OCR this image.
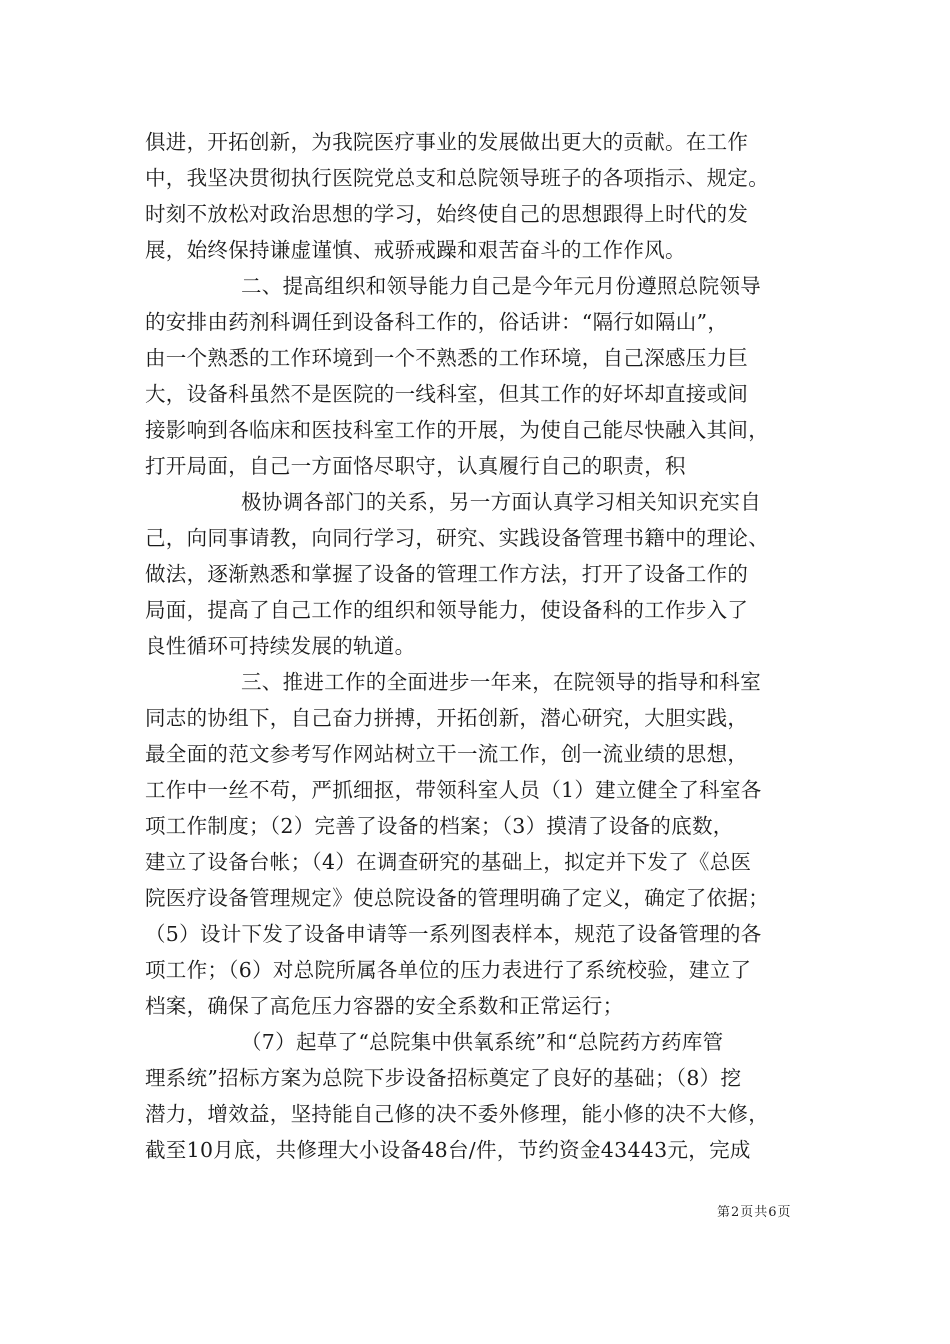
俱进，开拓创新，为我院医疗事业的发展做出更大的贡献。在工作
中，我坚决贯彻执行医院党总支和总院领导班子的各项指示、规定。
时刻不放松对政治思想的学习，始终使自己的思想跟得上时代的发
展，始终保持谦虚谨慎、戒骄戒躁和艰苦奋斗的工作作风。
二、提高组织和领导能力自己是今年元月份遵照总院领导
的安排由药剂科调任到设备科工作的，俗话讲：“隔行如隔山”，
由一个熟悉的工作环境到一个不熟悉的工作环境，自己深感压力巨
大，设备科虽然不是医院的一线科室，但其工作的好坏却直接或间
接影响到各临床和医技科室工作的开展，为使自己能尽快融入其间，
打开局面，自己一方面恪尽职守，认真履行自己的职责，积
极协调各部门的关系，另一方面认真学习相关知识充实自
己，向同事请教，向同行学习，研究、实践设备管理书籍中的理论、
做法，逐渐熟悉和掌握了设备的管理工作方法，打开了设备工作的
局面，提高了自己工作的组织和领导能力，使设备科的工作步入了
良性循环可持续发展的轨道。
三、推进工作的全面进步一年来，在院领导的指导和科室
同志的协组下，自己奋力拼搏，开拓创新，潜心研究，大胆实践，
最全面的范文参考写作网站树立干一流工作，创一流业绩的思想，
工作中一丝不苟，严抓细抠，带领科室人员（1）建立健全了科室各
项工作制度；（2）完善了设备的档案；（3）摸清了设备的底数，
建立了设备台帐；（4）在调查研究的基础上，拟定并下发了《总医
院医疗设备管理规定》使总院设备的管理明确了定义，确定了依据；
（5）设计下发了设备申请等一系列图表样本，规范了设备管理的各
项工作；（6）对总院所属各单位的压力表进行了系统校验，建立了
档案，确保了高危压力容器的安全系数和正常运行；
（7）起草了“总院集中供氧系统”和“总院药方药库管
理系统”招标方案为总院下步设备招标奠定了良好的基础；（8）挖
潜力，增效益，坚持能自己修的决不委外修理，能小修的决不大修，
截至10月底，共修理大小设备48台/件，节约资金43443元，完成
第2页共6页
